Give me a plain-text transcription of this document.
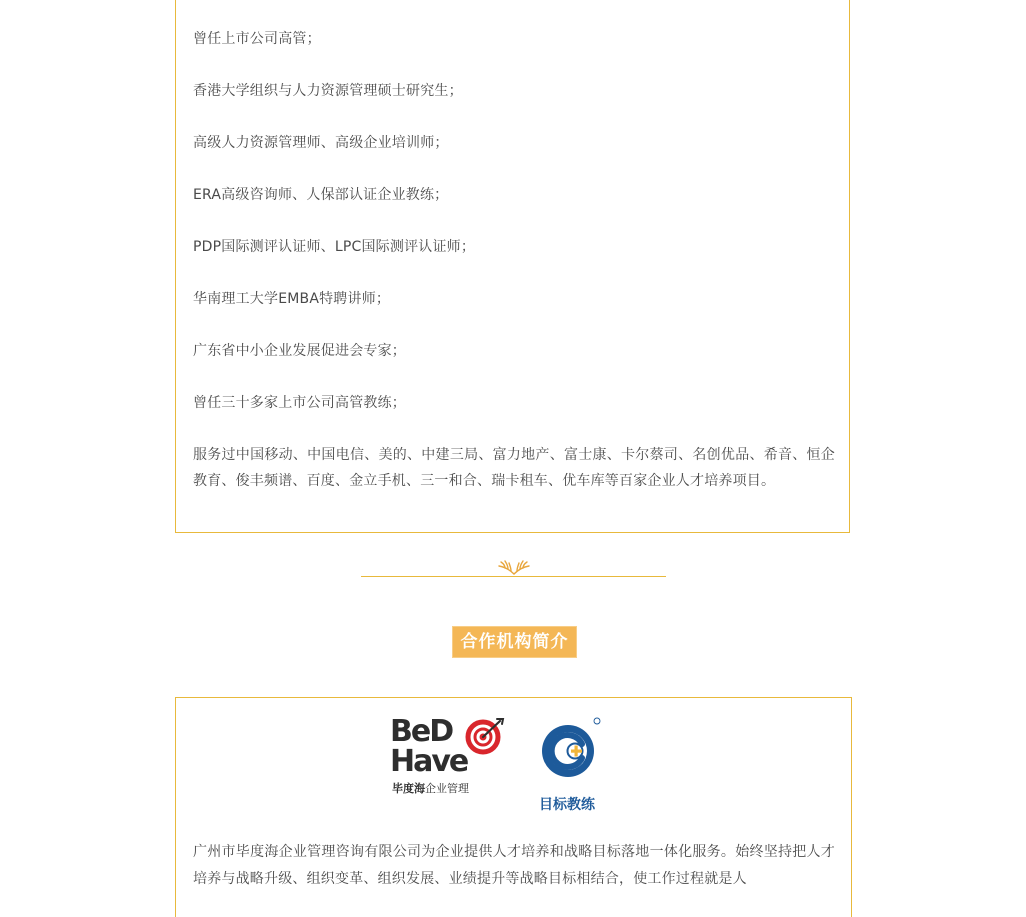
曾任上市公司高管；
香港大学组织与人力资源管理硕士研究生；
高级人力资源管理师、高级企业培训师；
ERA高级咨询师、人保部认证企业教练；
PDP国际测评认证师、LPC国际测评认证师；
华南理工大学EMBA特聘讲师；
广东省中小企业发展促进会专家；
曾任三十多家上市公司高管教练；
服务过中国移动、中国电信、美的、中建三局、富力地产、富士康、卡尔蔡司、名创优品、希音、恒企教育、俊丰频谱、百度、金立手机、三一和合、瑞卡租车、优车库等百家企业人才培养项目。
合作机构简介
BeD
Have
毕度海企业管理
目标教练

广州市毕度海企业管理咨询有限公司为企业提供人才培养和战略目标落地一体化服务。始终坚持把人才培养与战略升级、组织变革、组织发展、业绩提升等战略目标相结合，使工作过程就是人
